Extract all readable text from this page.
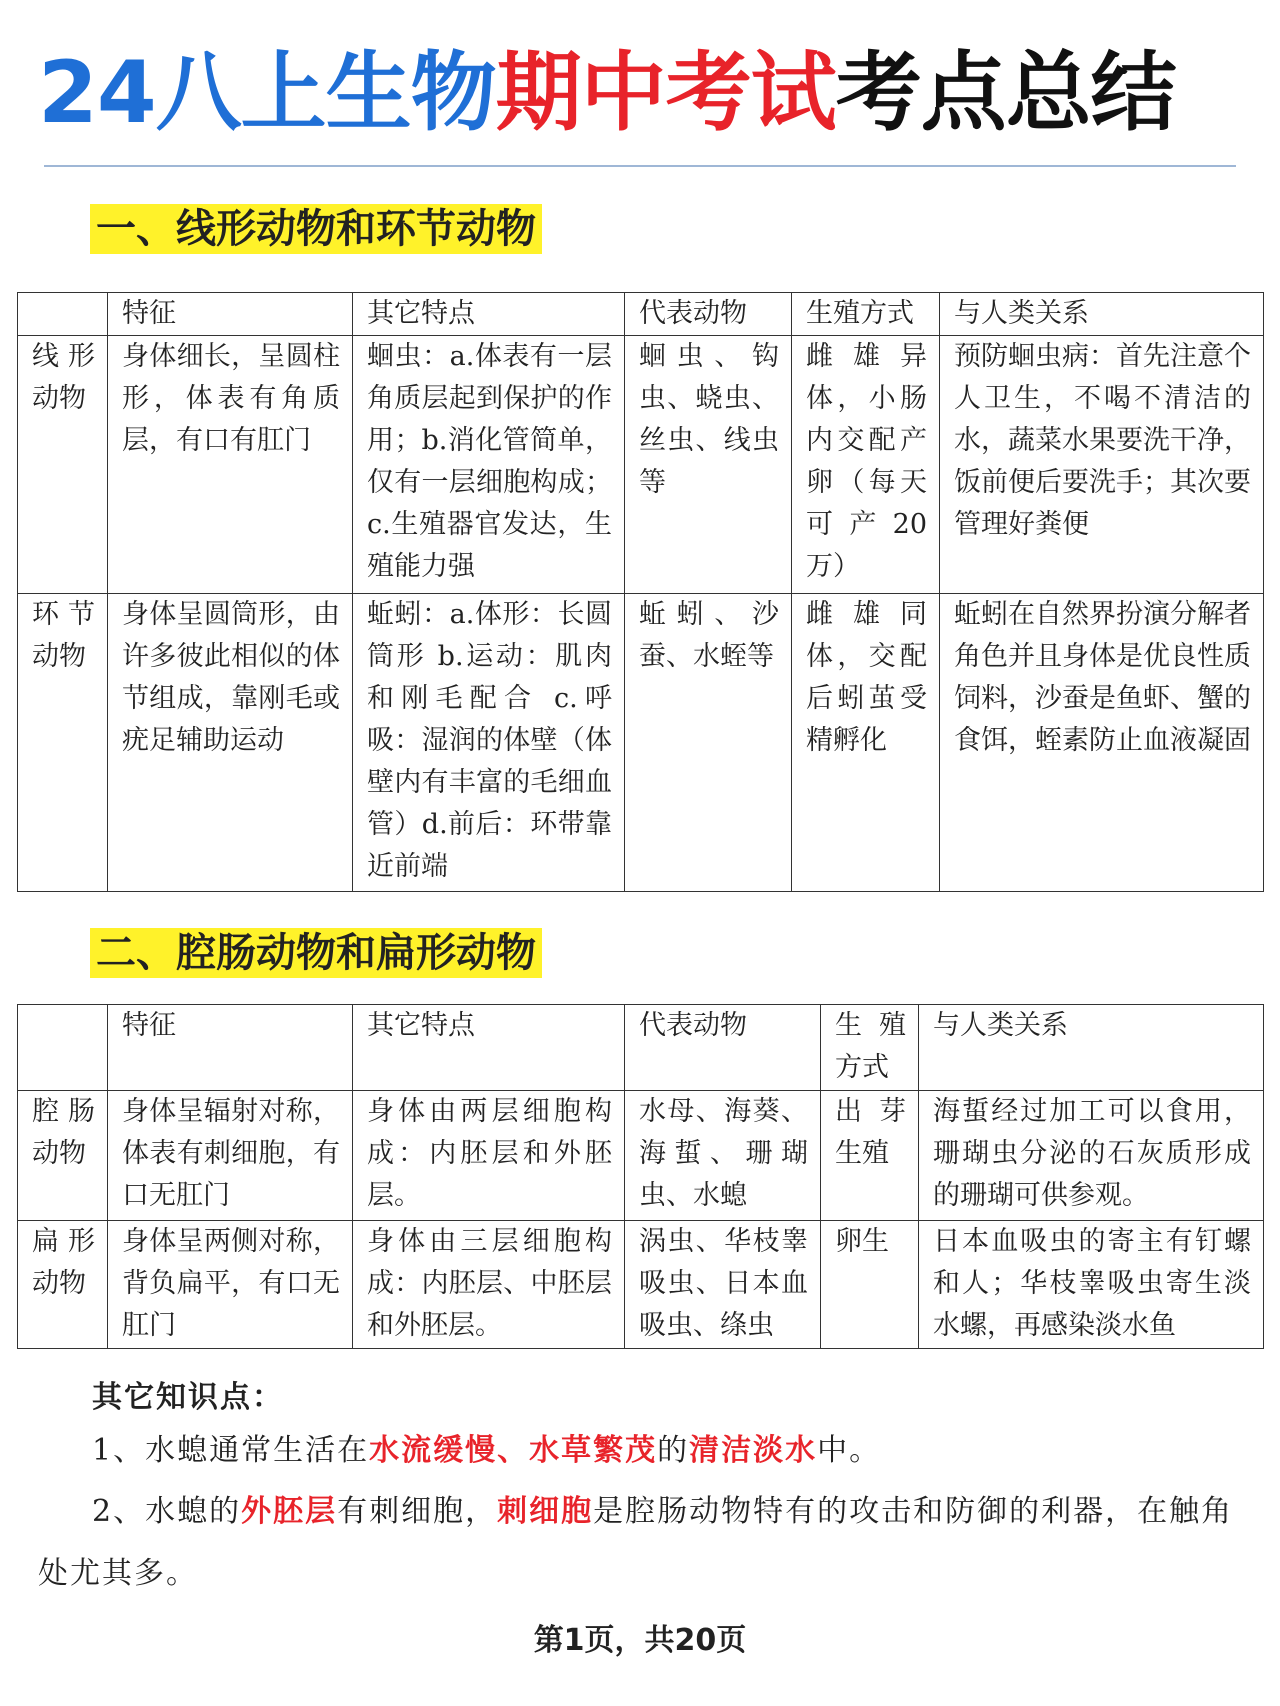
24八上生物期中考试考点总结
一、线形动物和环节动物
	特征	其它特点	代表动物	生殖方式	与人类关系
线形动物	身体细长，呈圆柱形，体表有角质层，有口有肛门	蛔虫：a.体表有一层角质层起到保护的作用；b.消化管简单，仅有一层细胞构成；c.生殖器官发达，生殖能力强	蛔虫、钩虫、蛲虫、丝虫、线虫等	雌雄异体，小肠内交配产卵（每天可产20万）	预防蛔虫病：首先注意个人卫生，不喝不清洁的水，蔬菜水果要洗干净，饭前便后要洗手；其次要管理好粪便
环节动物	身体呈圆筒形，由许多彼此相似的体节组成，靠刚毛或疣足辅助运动	蚯蚓：a.体形：长圆筒形 b.运动：肌肉和刚毛配合 c.呼吸：湿润的体壁（体壁内有丰富的毛细血管）d.前后：环带靠近前端	蚯蚓、沙蚕、水蛭等	雌雄同体，交配后蚓茧受精孵化	蚯蚓在自然界扮演分解者角色并且身体是优良性质饲料，沙蚕是鱼虾、蟹的食饵，蛭素防止血液凝固
二、腔肠动物和扁形动物
	特征	其它特点	代表动物	生殖方式	与人类关系
腔肠动物	身体呈辐射对称，体表有刺细胞，有口无肛门	身体由两层细胞构成：内胚层和外胚层。	水母、海葵、海蜇、珊瑚虫、水螅	出芽生殖	海蜇经过加工可以食用，珊瑚虫分泌的石灰质形成的珊瑚可供参观。
扁形动物	身体呈两侧对称，背负扁平，有口无肛门	身体由三层细胞构成：内胚层、中胚层和外胚层。	涡虫、华枝睾吸虫、日本血吸虫、绦虫	卵生	日本血吸虫的寄主有钉螺和人；华枝睾吸虫寄生淡水螺，再感染淡水鱼
其它知识点：
1、水螅通常生活在水流缓慢、水草繁茂的清洁淡水中。
2、水螅的外胚层有刺细胞，刺细胞是腔肠动物特有的攻击和防御的利器，在触角处尤其多。
第1页，共20页
